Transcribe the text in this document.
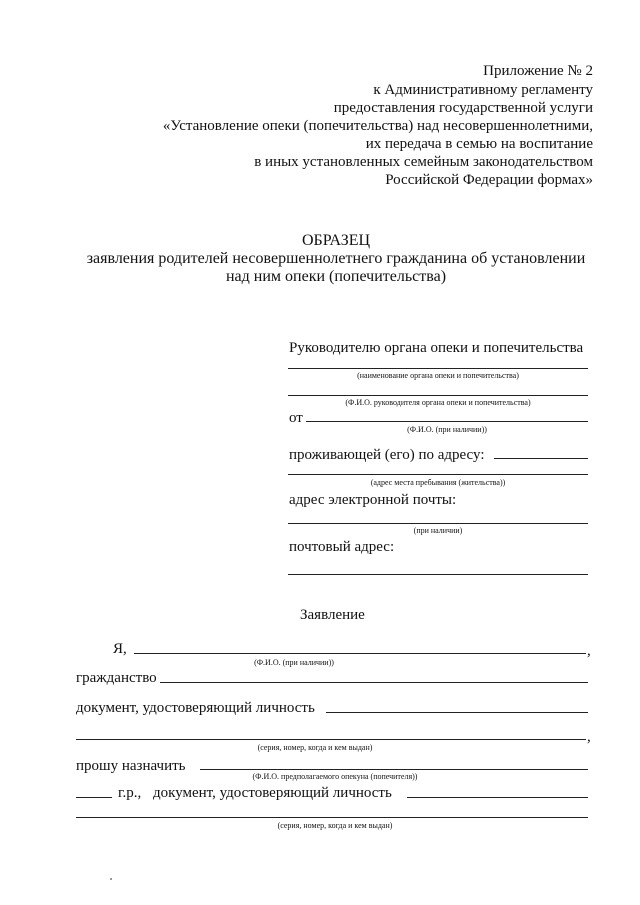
Приложение № 2
к Административному регламенту
предоставления государственной услуги
«Установление опеки (попечительства) над несовершеннолетними,
их передача в семью на воспитание
в иных установленных семейным законодательством
Российской Федерации формах»
ОБРАЗЕЦ
заявления родителей несовершеннолетнего гражданина об установлении
над ним опеки (попечительства)
Руководителю органа опеки и попечительства
(наименование органа опеки и попечительства)
(Ф.И.О. руководителя органа опеки и попечительства)
от
(Ф.И.О. (при наличии))
проживающей (его) по адресу:
(адрес места пребывания (жительства))
адрес электронной почты:
(при наличии)
почтовый адрес:
Заявление
Я,	,
(Ф.И.О. (при наличии))
гражданство
документ, удостоверяющий личность
,
(серия, номер, когда и кем выдан)
прошу назначить
(Ф.И.О. предполагаемого опекуна (попечителя))
г.р., документ, удостоверяющий личность
(серия, номер, когда и кем выдан)
